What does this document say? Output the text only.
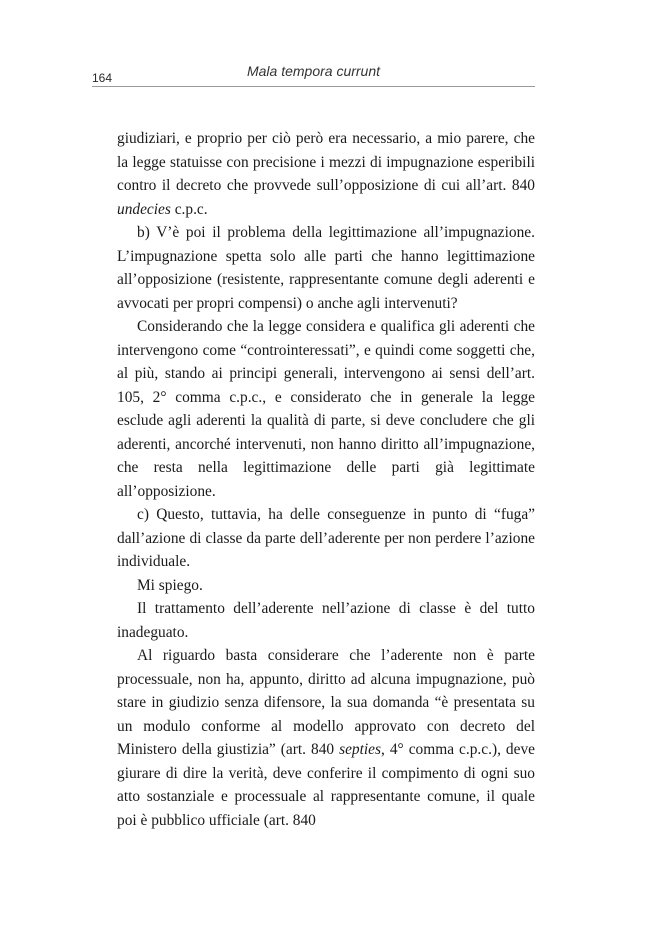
164	Mala tempora currunt

giudiziari, e proprio per ciò però era necessario, a mio parere, che la legge statuisse con precisione i mezzi di impugnazione esperibili contro il decreto che provvede sull’opposizione di cui all’art. 840 undecies c.p.c.

b) V’è poi il problema della legittimazione all’impugnazione. L’impugnazione spetta solo alle parti che hanno legittimazione all’opposizione (resistente, rappresentante comune degli aderenti e avvocati per propri compensi) o anche agli intervenuti?

Considerando che la legge considera e qualifica gli aderenti che intervengono come “controinteressati”, e quindi come soggetti che, al più, stando ai principi generali, intervengono ai sensi dell’art. 105, 2° comma c.p.c., e considerato che in generale la legge esclude agli aderenti la qualità di parte, si deve concludere che gli aderenti, ancorché intervenuti, non hanno diritto all’impugnazione, che resta nella legittimazione delle parti già legittimate all’opposizione.

c) Questo, tuttavia, ha delle conseguenze in punto di “fuga” dall’azione di classe da parte dell’aderente per non perdere l’azione individuale.

Mi spiego.

Il trattamento dell’aderente nell’azione di classe è del tutto inadeguato.

Al riguardo basta considerare che l’aderente non è parte processuale, non ha, appunto, diritto ad alcuna impugnazione, può stare in giudizio senza difensore, la sua domanda “è presentata su un modulo conforme al modello approvato con decreto del Ministero della giustizia” (art. 840 septies, 4° comma c.p.c.), deve giurare di dire la verità, deve conferire il compimento di ogni suo atto sostanziale e processuale al rappresentante comune, il quale poi è pubblico ufficiale (art. 840
